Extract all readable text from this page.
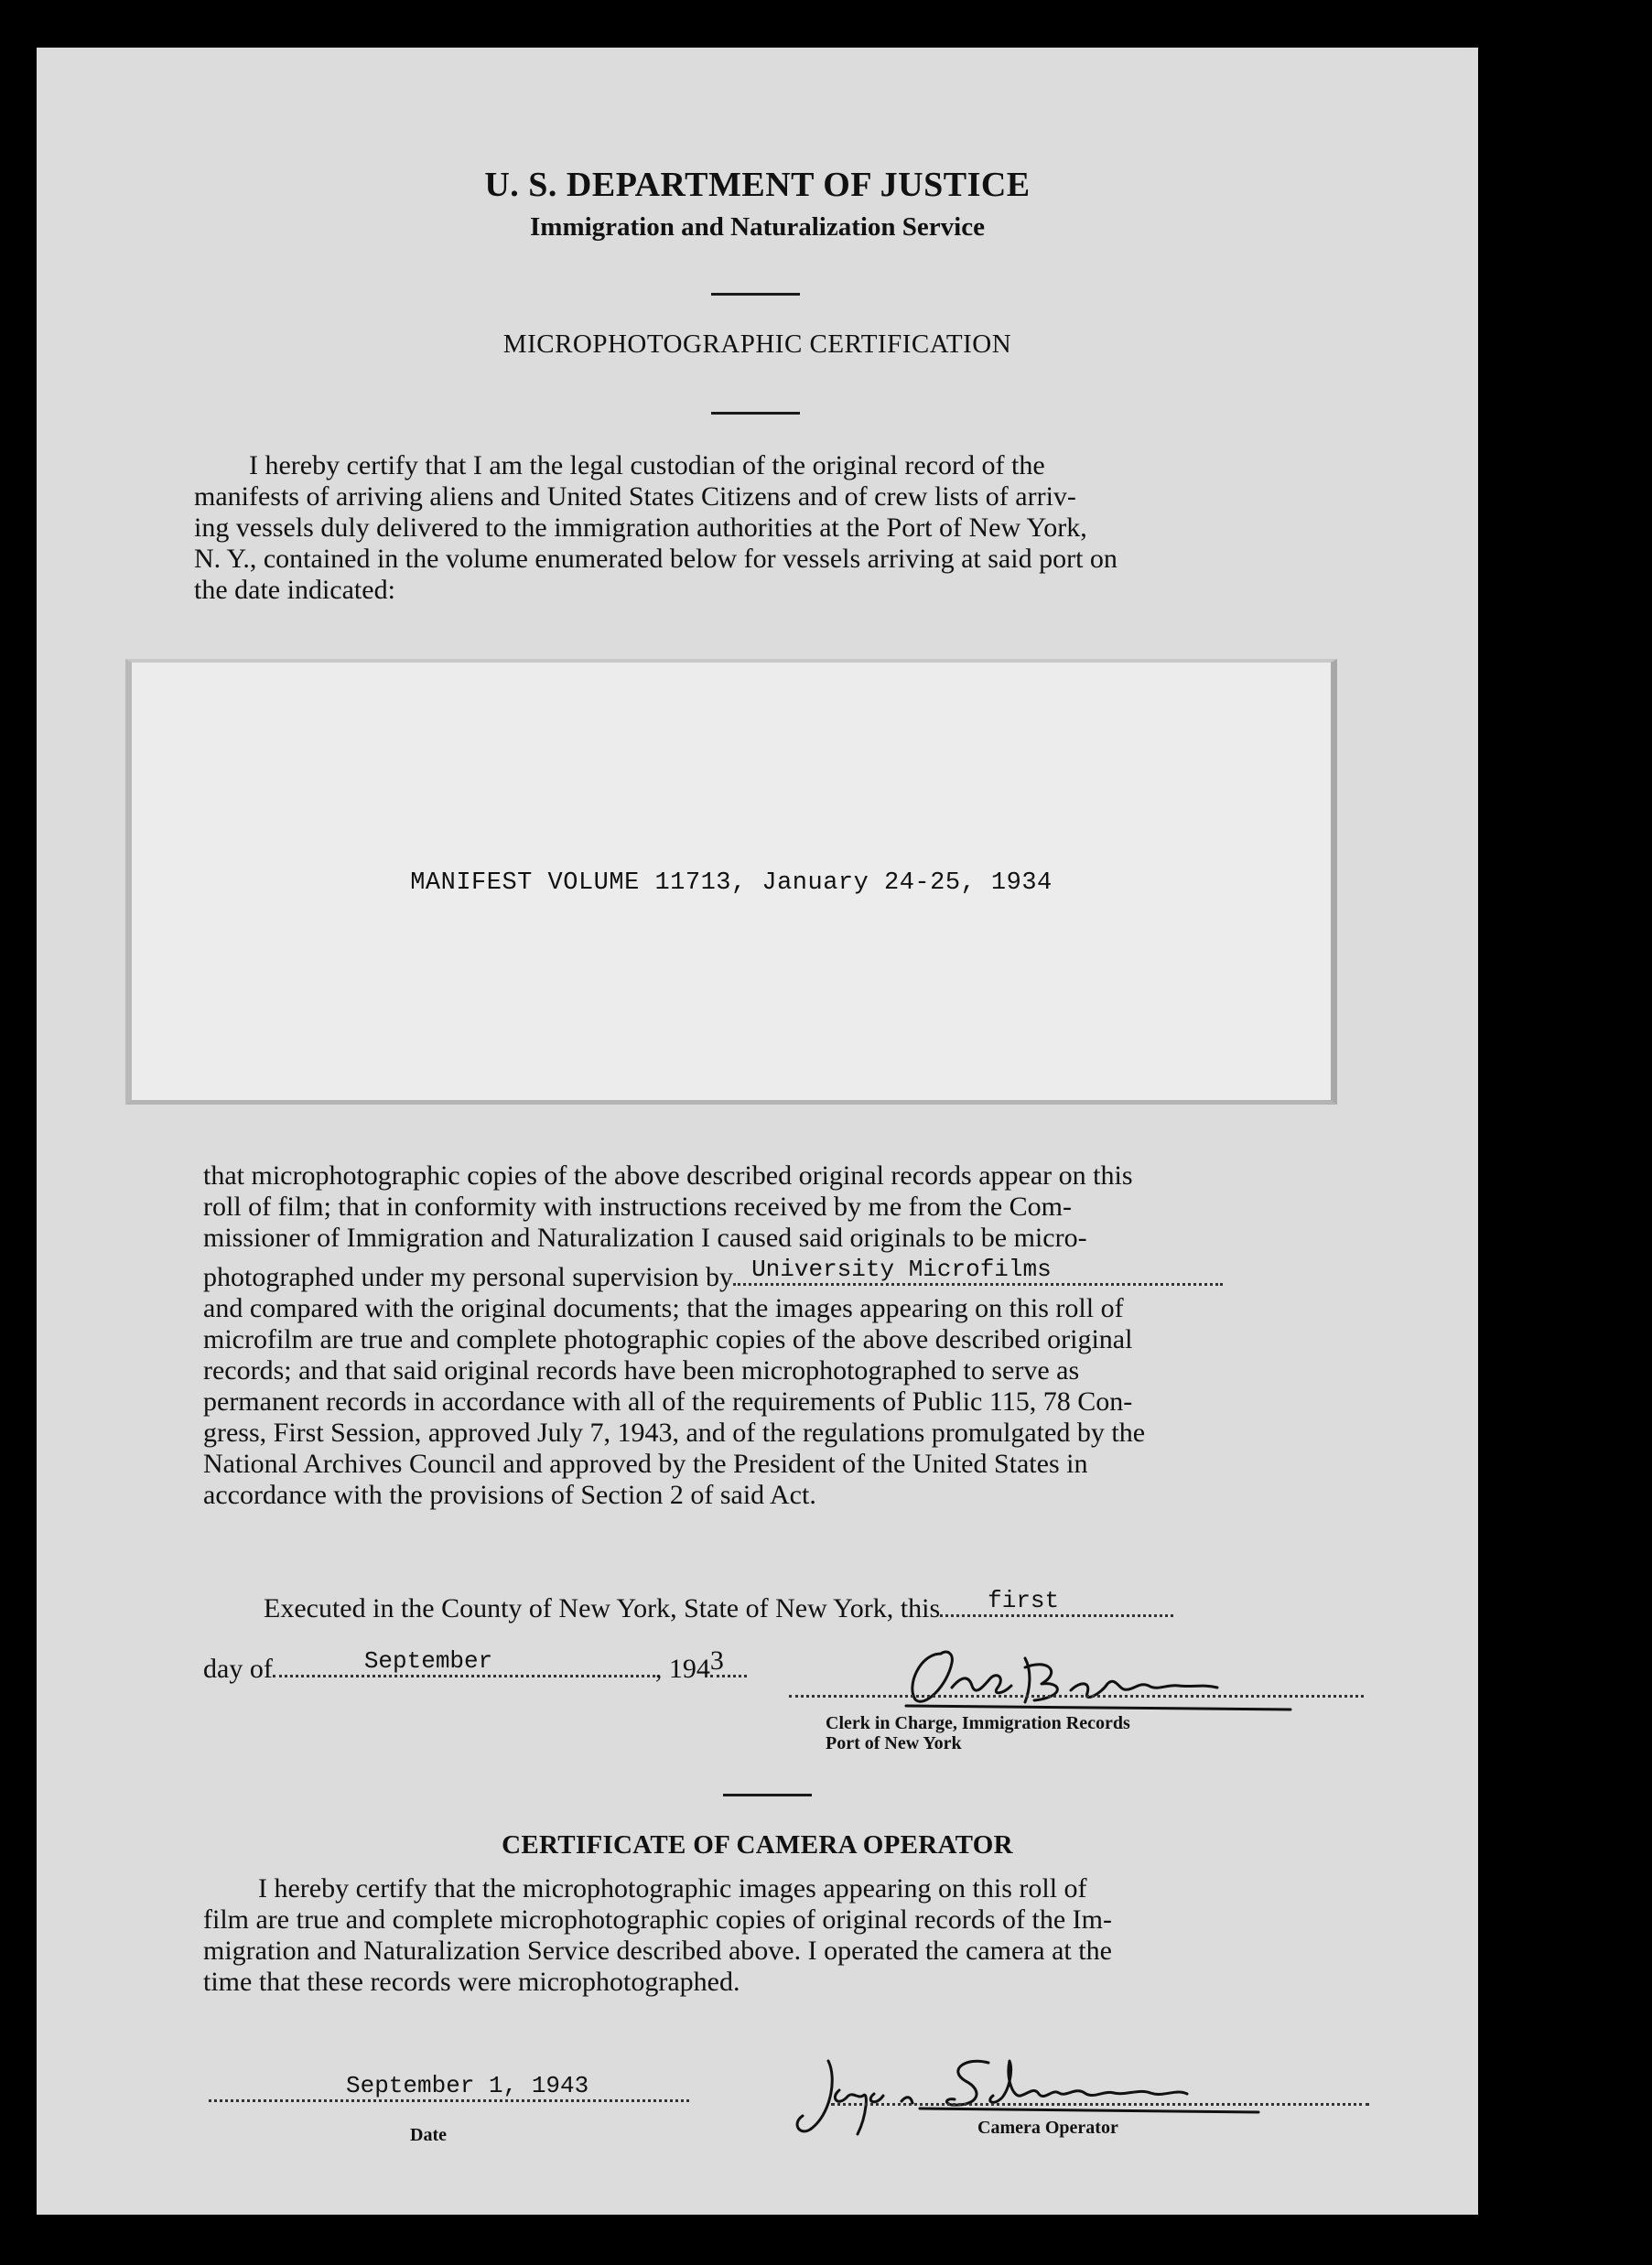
U. S. DEPARTMENT OF JUSTICE
Immigration and Naturalization Service
MICROPHOTOGRAPHIC CERTIFICATION

I hereby certify that I am the legal custodian of the original record of the

manifests of arriving aliens and United States Citizens and of crew lists of arriv-

ing vessels duly delivered to the immigration authorities at the Port of New York,

N. Y., contained in the volume enumerated below for vessels arriving at said port on

the date indicated:

MANIFEST VOLUME 11713, January 24-25, 1934

that microphotographic copies of the above described original records appear on this

roll of film; that in conformity with instructions received by me from the Com-

missioner of Immigration and Naturalization I caused said originals to be micro-

photographed under my personal supervision by University Microfilms

and compared with the original documents; that the images appearing on this roll of

microfilm are true and complete photographic copies of the above described original

records; and that said original records have been microphotographed to serve as

permanent records in accordance with all of the requirements of Public 115, 78 Con-

gress, First Session, approved July 7, 1943, and of the regulations promulgated by the

National Archives Council and approved by the President of the United States in

accordance with the provisions of Section 2 of said Act.

Executed in the County of New York, State of New York, this first
day of	September	, 194 3
Clerk in Charge, Immigration Records
Port of New York
CERTIFICATE OF CAMERA OPERATOR

I hereby certify that the microphotographic images appearing on this roll of

film are true and complete microphotographic copies of original records of the Im-

migration and Naturalization Service described above. I operated the camera at the

time that these records were microphotographed.

September 1, 1943
Date	Camera Operator
